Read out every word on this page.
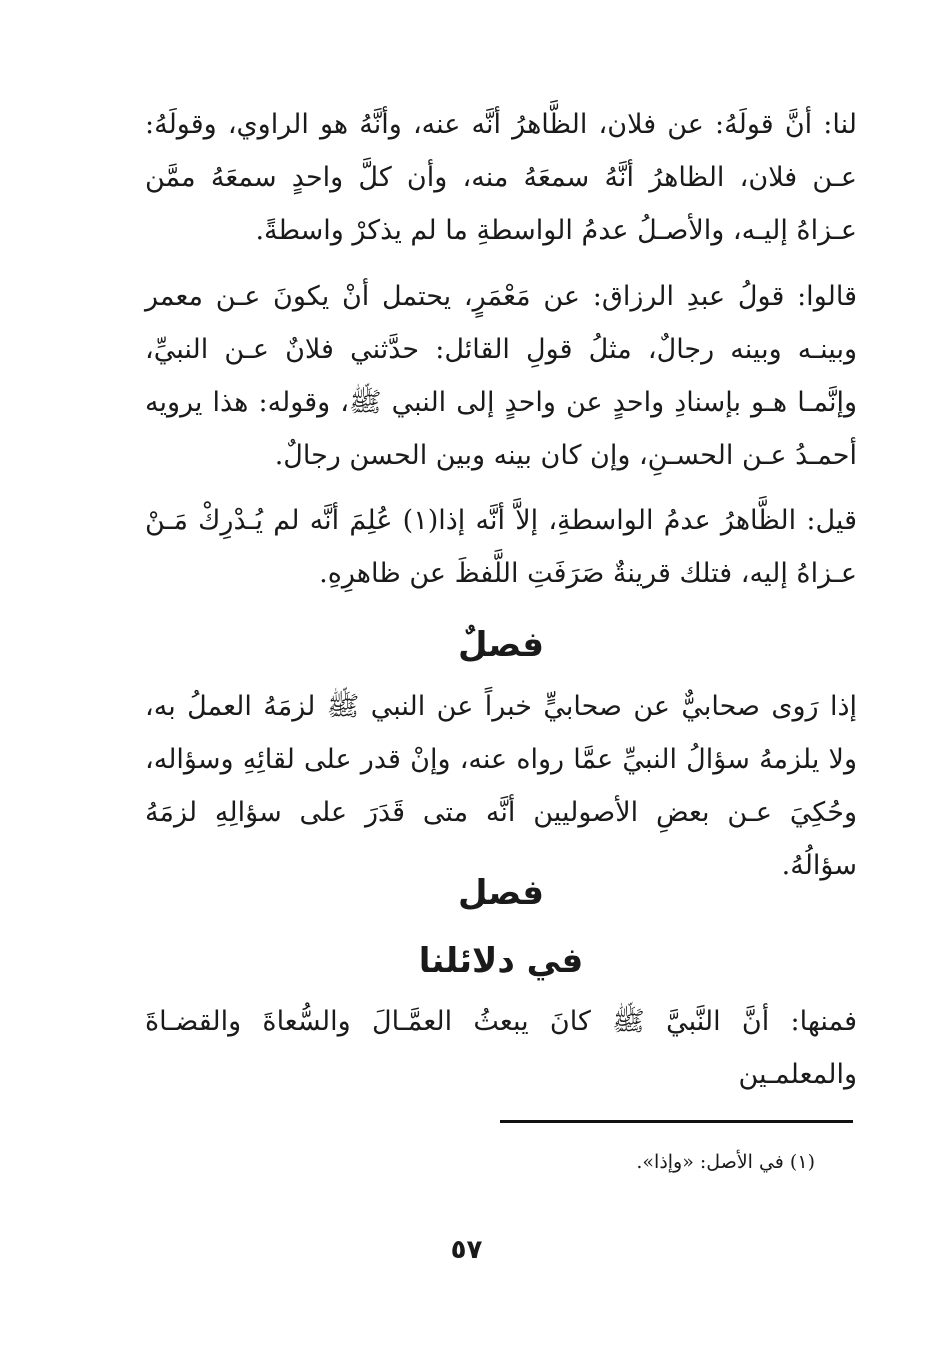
لنا: أنَّ قولَهُ: عن فلان، الظَّاهرُ أنَّه عنه، وأنَّهُ هو الراوي، وقولَهُ: عـن فلان، الظاهرُ أنَّهُ سمعَهُ منه، وأن كلَّ واحدٍ سمعَهُ ممَّن عـزاهُ إليـه، والأصـلُ عدمُ الواسطةِ ما لم يذكرْ واسطةً.

قالوا: قولُ عبدِ الرزاق: عن مَعْمَرٍ، يحتمل أنْ يكونَ عـن معمر وبينـه وبينه رجالٌ، مثلُ قولِ القائل: حدَّثني فلانٌ عـن النبيِّ، وإنَّمـا هـو بإسنادِ واحدٍ عن واحدٍ إلى النبي ﷺ، وقوله: هذا يرويه أحمـدُ عـن الحسـنِ، وإن كان بينه وبين الحسن رجالٌ.

قيل: الظَّاهرُ عدمُ الواسطةِ، إلاَّ أنَّه إذا(١) عُلِمَ أنَّه لم يُـدْرِكْ مَـنْ عـزاهُ إليه، فتلك قرينةٌ صَرَفَتِ اللَّفظَ عن ظاهرِهِ.

فصلٌ

إذا رَوى صحابيٌّ عن صحابيٍّ خبراً عن النبي ﷺ لزمَهُ العملُ به، ولا يلزمهُ سؤالُ النبيِّ عمَّا رواه عنه، وإنْ قدر على لقائِهِ وسؤاله، وحُكِيَ عـن بعضِ الأصوليين أنَّه متى قَدَرَ على سؤالِهِ لزمَهُ سؤالُهُ.

فصل
في دلائلنا

فمنها: أنَّ النَّبيَّ ﷺ كانَ يبعثُ العمَّـالَ والسُّعاةَ والقضـاةَ والمعلمـين

(١) في الأصل: «وإذا».

٥٧
